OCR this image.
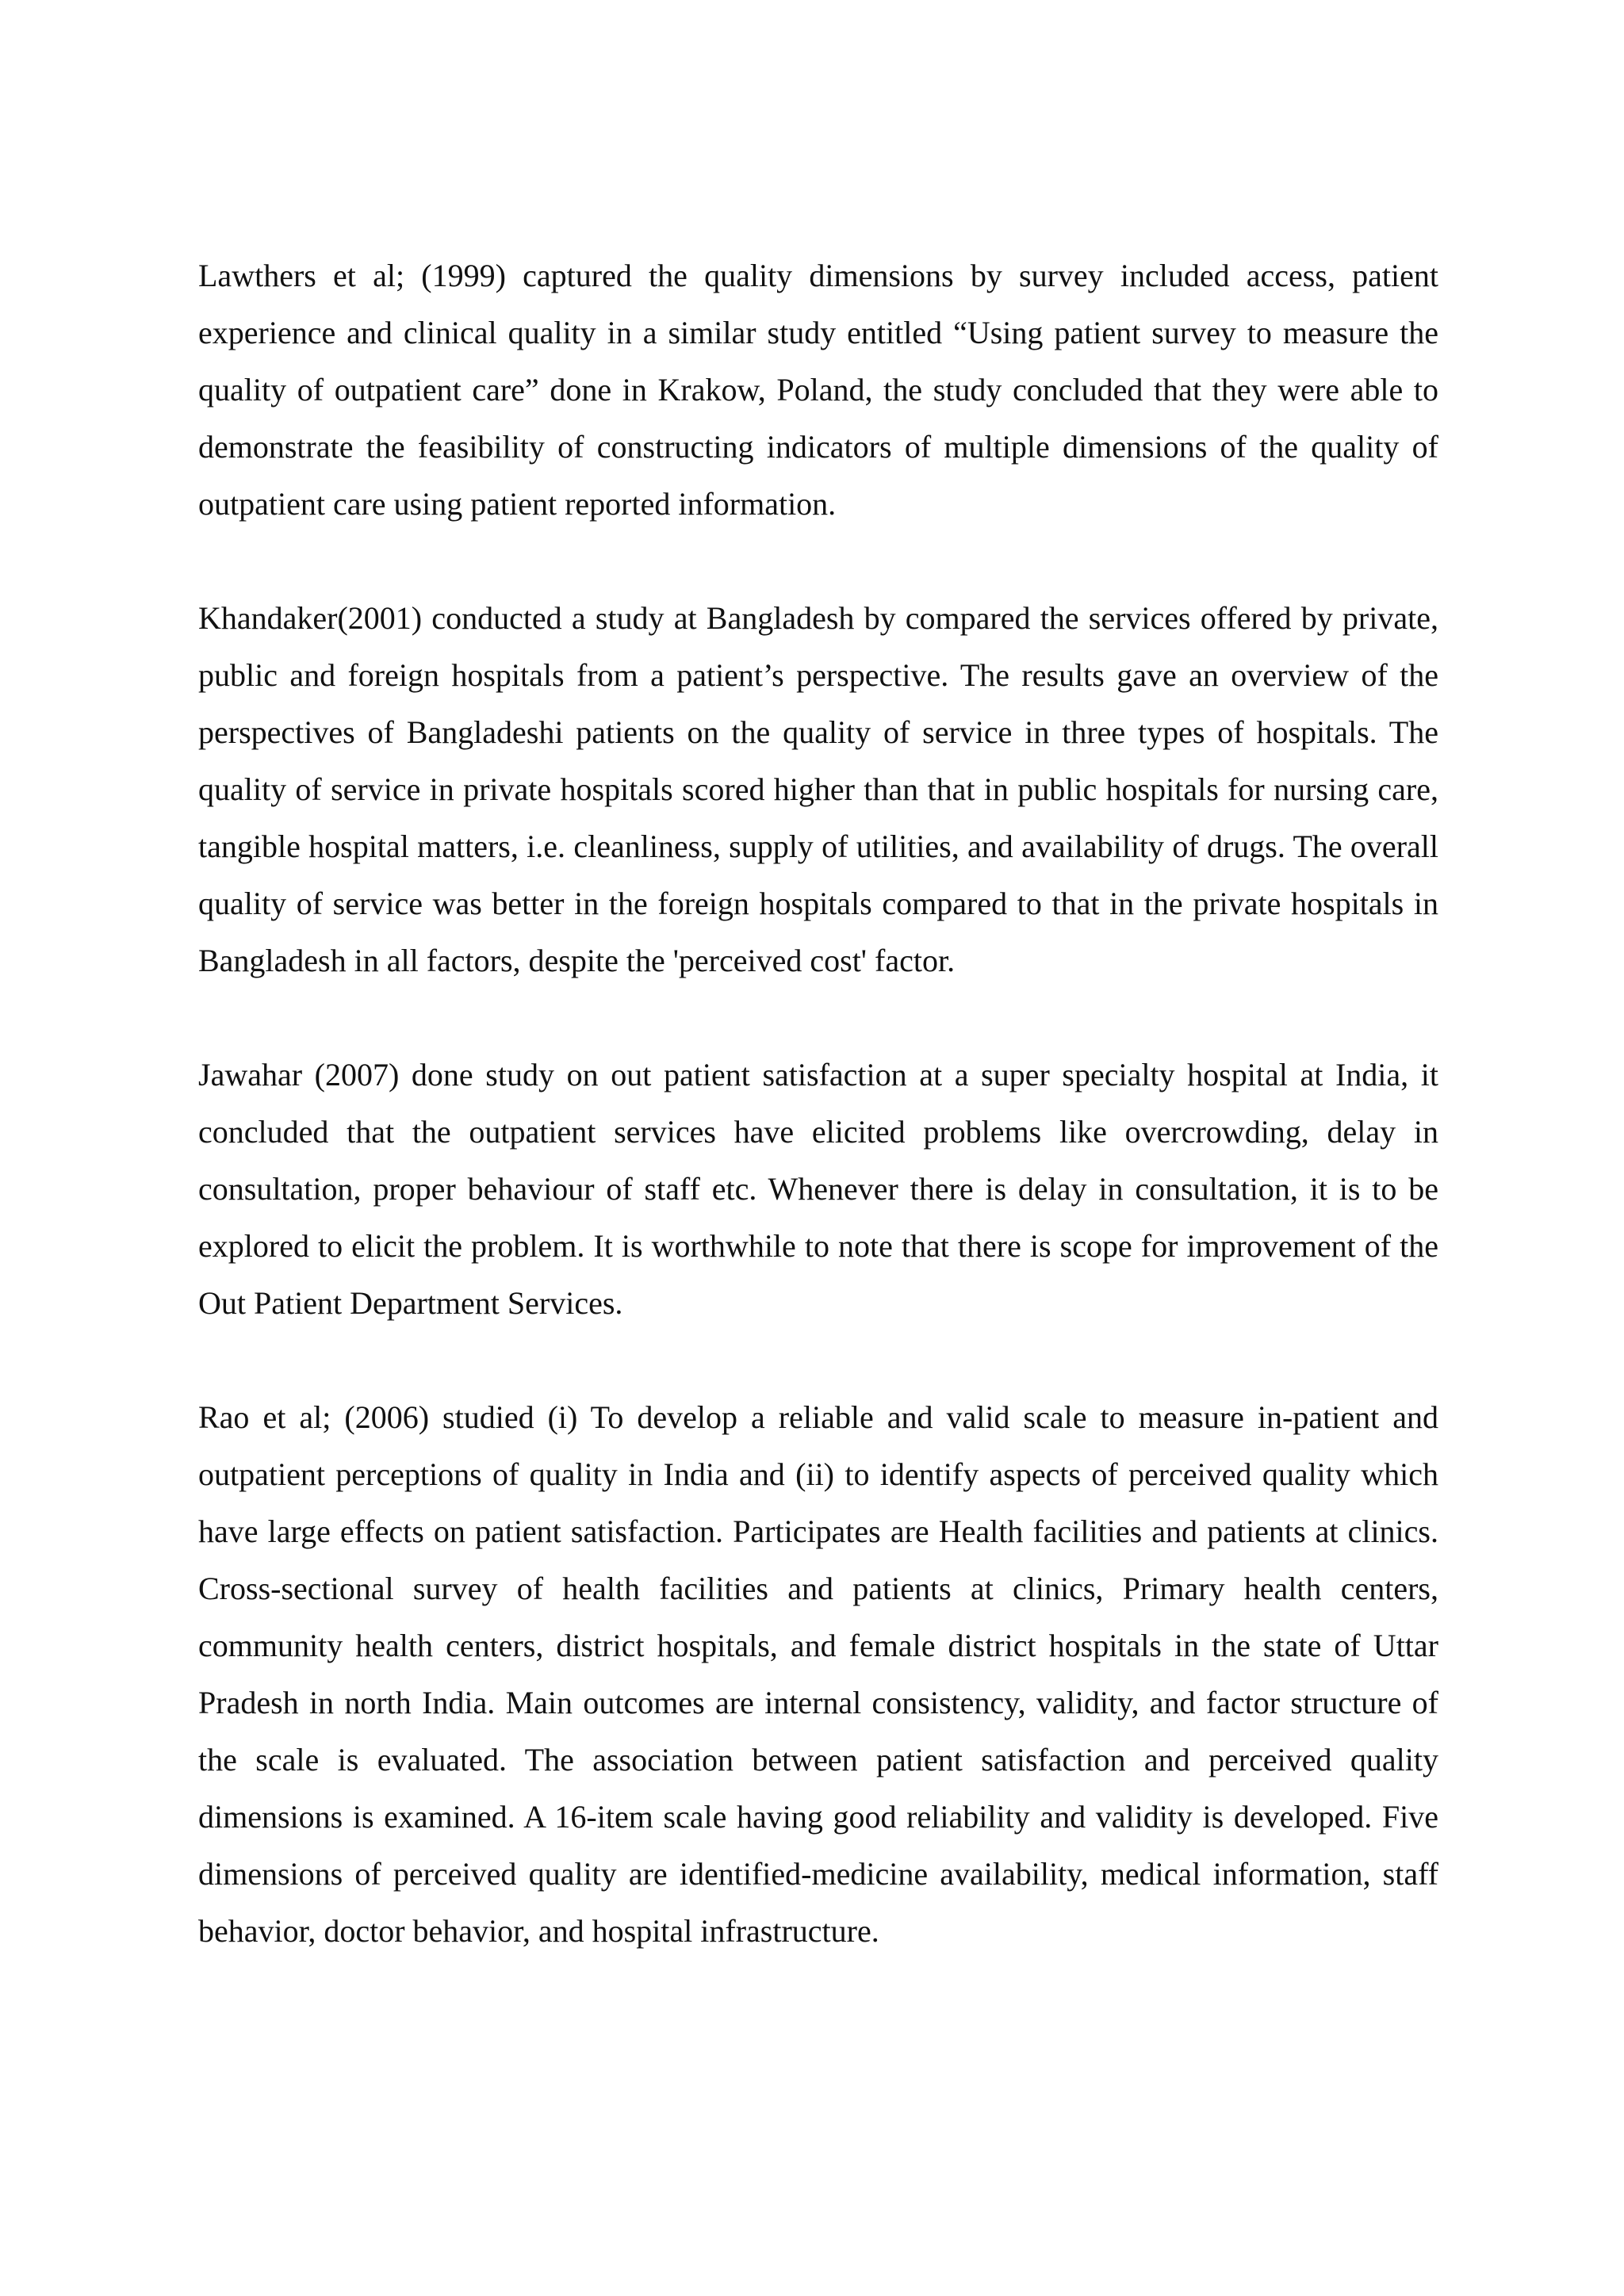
Lawthers et al; (1999) captured the quality dimensions by survey included access, patient experience and clinical quality in a similar study entitled “Using patient survey to measure the quality of outpatient care” done in Krakow, Poland, the study concluded that they were able to demonstrate the feasibility of constructing indicators of multiple dimensions of the quality of outpatient care using patient reported information.

Khandaker(2001) conducted a study at Bangladesh by compared the services offered by private, public and foreign hospitals from a patient’s perspective. The results gave an overview of the perspectives of Bangladeshi patients on the quality of service in three types of hospitals. The quality of service in private hospitals scored higher than that in public hospitals for nursing care, tangible hospital matters, i.e. cleanliness, supply of utilities, and availability of drugs. The overall quality of service was better in the foreign hospitals compared to that in the private hospitals in Bangladesh in all factors, despite the 'perceived cost' factor.

Jawahar (2007) done study on out patient satisfaction at a super specialty hospital at India, it concluded that the outpatient services have elicited problems like overcrowding, delay in consultation, proper behaviour of staff etc. Whenever there is delay in consultation, it is to be explored to elicit the problem. It is worthwhile to note that there is scope for improvement of the Out Patient Department Services.

Rao et al; (2006) studied (i) To develop a reliable and valid scale to measure in-patient and outpatient perceptions of quality in India and (ii) to identify aspects of perceived quality which have large effects on patient satisfaction. Participates are Health facilities and patients at clinics. Cross-sectional survey of health facilities and patients at clinics, Primary health centers, community health centers, district hospitals, and female district hospitals in the state of Uttar Pradesh in north India. Main outcomes are internal consistency, validity, and factor structure of the scale is evaluated. The association between patient satisfaction and perceived quality dimensions is examined. A 16-item scale having good reliability and validity is developed. Five dimensions of perceived quality are identified-medicine availability, medical information, staff behavior, doctor behavior, and hospital infrastructure.
